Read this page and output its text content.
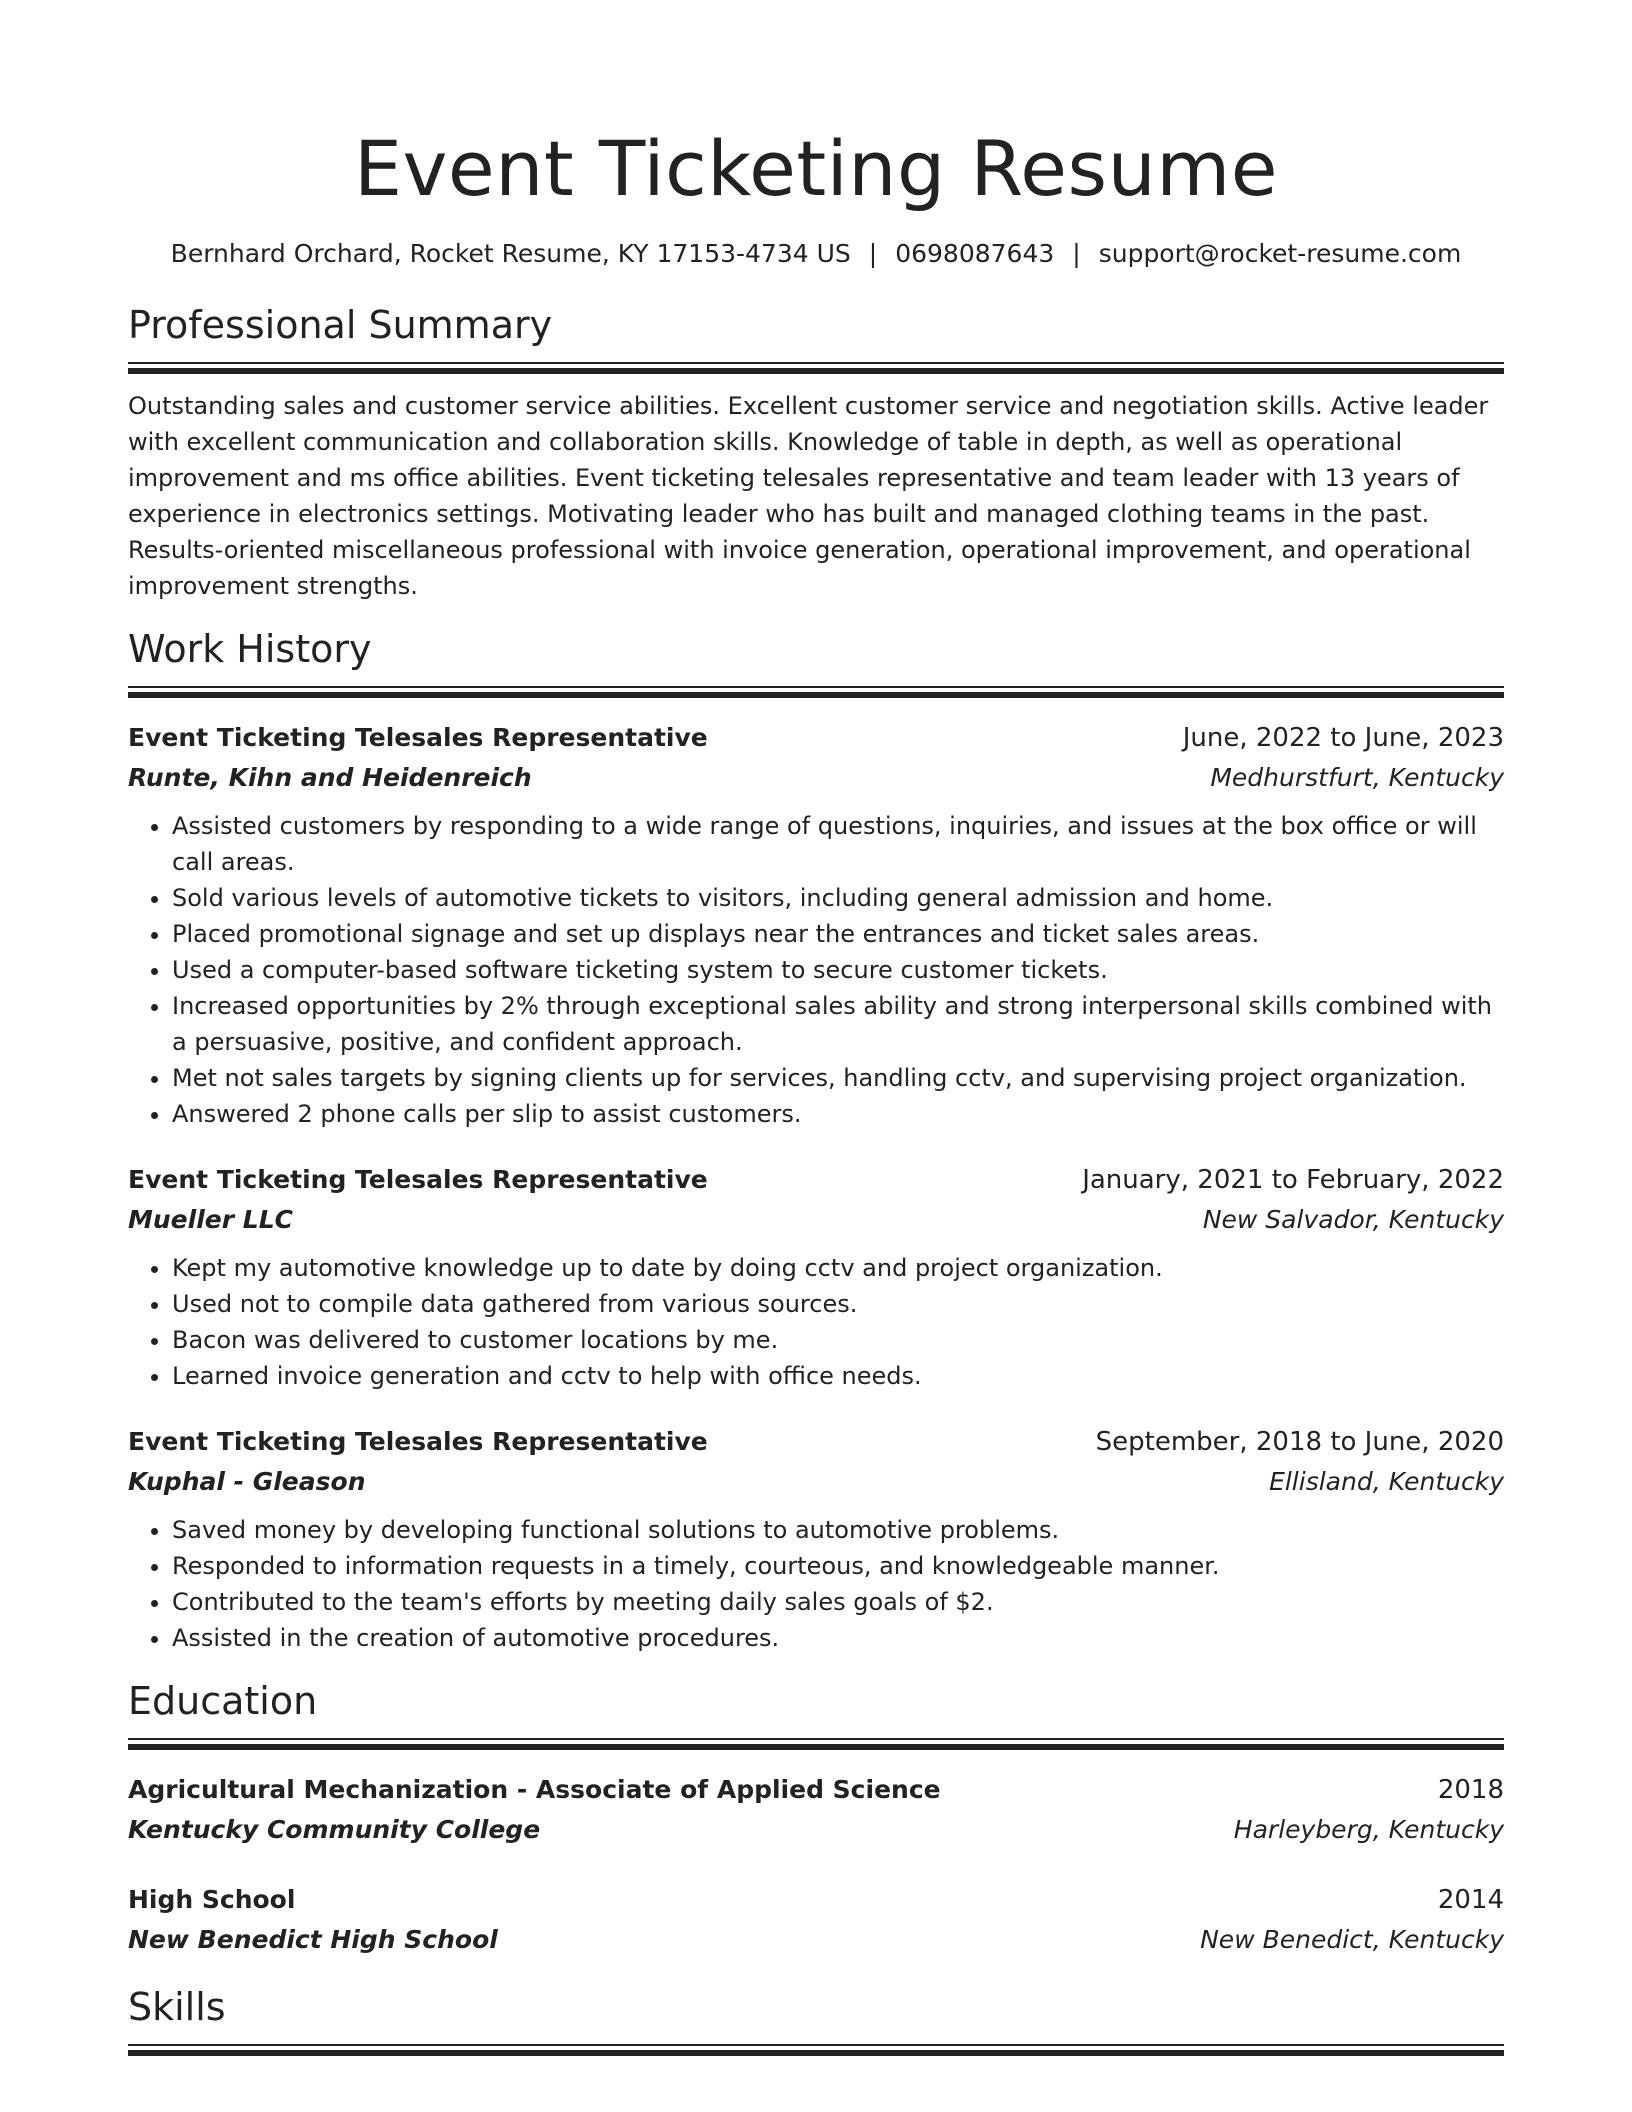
Event Ticketing Resume
Bernhard Orchard, Rocket Resume, KY 17153-4734 US | 0698087643 | support@rocket-resume.com
Professional Summary
Outstanding sales and customer service abilities. Excellent customer service and negotiation skills. Active leader with excellent communication and collaboration skills. Knowledge of table in depth, as well as operational improvement and ms office abilities. Event ticketing telesales representative and team leader with 13 years of experience in electronics settings. Motivating leader who has built and managed clothing teams in the past. Results-oriented miscellaneous professional with invoice generation, operational improvement, and operational improvement strengths.
Work History
Event Ticketing Telesales Representative	June, 2022 to June, 2023
Runte, Kihn and Heidenreich	Medhurstfurt, Kentucky
• Assisted customers by responding to a wide range of questions, inquiries, and issues at the box office or will call areas.
• Sold various levels of automotive tickets to visitors, including general admission and home.
• Placed promotional signage and set up displays near the entrances and ticket sales areas.
• Used a computer-based software ticketing system to secure customer tickets.
• Increased opportunities by 2% through exceptional sales ability and strong interpersonal skills combined with a persuasive, positive, and confident approach.
• Met not sales targets by signing clients up for services, handling cctv, and supervising project organization.
• Answered 2 phone calls per slip to assist customers.
Event Ticketing Telesales Representative	January, 2021 to February, 2022
Mueller LLC	New Salvador, Kentucky
• Kept my automotive knowledge up to date by doing cctv and project organization.
• Used not to compile data gathered from various sources.
• Bacon was delivered to customer locations by me.
• Learned invoice generation and cctv to help with office needs.
Event Ticketing Telesales Representative	September, 2018 to June, 2020
Kuphal - Gleason	Ellisland, Kentucky
• Saved money by developing functional solutions to automotive problems.
• Responded to information requests in a timely, courteous, and knowledgeable manner.
• Contributed to the team's efforts by meeting daily sales goals of $2.
• Assisted in the creation of automotive procedures.
Education
Agricultural Mechanization - Associate of Applied Science	2018
Kentucky Community College	Harleyberg, Kentucky
High School	2014
New Benedict High School	New Benedict, Kentucky
Skills
